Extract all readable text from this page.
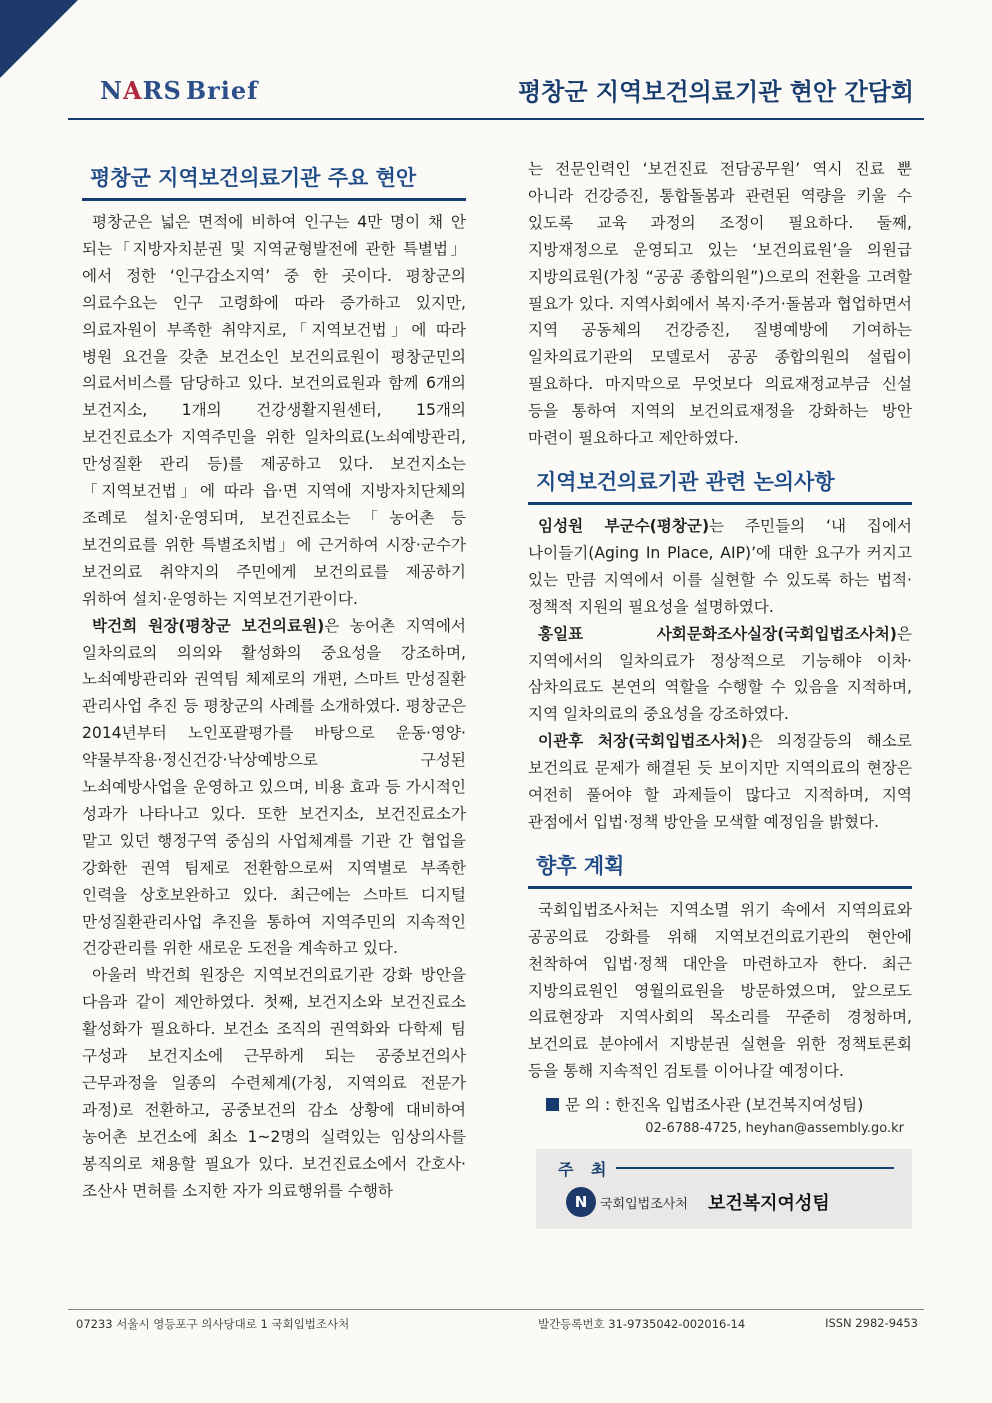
NARS Brief	평창군 지역보건의료기관 현안 간담회
평창군 지역보건의료기관 주요 현안

평창군은 넓은 면적에 비하여 인구는 4만 명이 채 안 되는「지방자치분권 및 지역균형발전에 관한 특별법」에서 정한 ‘인구감소지역’ 중 한 곳이다. 평창군의 의료수요는 인구 고령화에 따라 증가하고 있지만, 의료자원이 부족한 취약지로,「지역보건법」에 따라 병원 요건을 갖춘 보건소인 보건의료원이 평창군민의 의료서비스를 담당하고 있다. 보건의료원과 함께 6개의 보건지소, 1개의 건강생활지원센터, 15개의 보건진료소가 지역주민을 위한 일차의료(노쇠예방관리, 만성질환 관리 등)를 제공하고 있다. 보건지소는「지역보건법」에 따라 읍·면 지역에 지방자치단체의 조례로 설치·운영되며, 보건진료소는「농어촌 등 보건의료를 위한 특별조치법」에 근거하여 시장·군수가 보건의료 취약지의 주민에게 보건의료를 제공하기 위하여 설치·운영하는 지역보건기관이다.

박건희 원장(평창군 보건의료원)은 농어촌 지역에서 일차의료의 의의와 활성화의 중요성을 강조하며, 노쇠예방관리와 권역팀 체제로의 개편, 스마트 만성질환 관리사업 추진 등 평창군의 사례를 소개하였다. 평창군은 2014년부터 노인포괄평가를 바탕으로 운동·영양·약물부작용·정신건강·낙상예방으로 구성된 노쇠예방사업을 운영하고 있으며, 비용 효과 등 가시적인 성과가 나타나고 있다. 또한 보건지소, 보건진료소가 맡고 있던 행정구역 중심의 사업체계를 기관 간 협업을 강화한 권역 팀제로 전환함으로써 지역별로 부족한 인력을 상호보완하고 있다. 최근에는 스마트 디지털 만성질환관리사업 추진을 통하여 지역주민의 지속적인 건강관리를 위한 새로운 도전을 계속하고 있다.

아울러 박건희 원장은 지역보건의료기관 강화 방안을 다음과 같이 제안하였다. 첫째, 보건지소와 보건진료소 활성화가 필요하다. 보건소 조직의 권역화와 다학제 팀 구성과 보건지소에 근무하게 되는 공중보건의사 근무과정을 일종의 수련체계(가칭, 지역의료 전문가 과정)로 전환하고, 공중보건의 감소 상황에 대비하여 농어촌 보건소에 최소 1~2명의 실력있는 임상의사를 봉직의로 채용할 필요가 있다. 보건진료소에서 간호사·조산사 면허를 소지한 자가 의료행위를 수행하

는 전문인력인 ‘보건진료 전담공무원’ 역시 진료 뿐 아니라 건강증진, 통합돌봄과 관련된 역량을 키울 수 있도록 교육 과정의 조정이 필요하다. 둘째, 지방재정으로 운영되고 있는 ‘보건의료원’을 의원급 지방의료원(가칭 “공공 종합의원”)으로의 전환을 고려할 필요가 있다. 지역사회에서 복지·주거·돌봄과 협업하면서 지역 공동체의 건강증진, 질병예방에 기여하는 일차의료기관의 모델로서 공공 종합의원의 설립이 필요하다. 마지막으로 무엇보다 의료재정교부금 신설 등을 통하여 지역의 보건의료재정을 강화하는 방안 마련이 필요하다고 제안하였다.

지역보건의료기관 관련 논의사항

임성원 부군수(평창군)는 주민들의 ‘내 집에서 나이들기(Aging In Place, AIP)’에 대한 요구가 커지고 있는 만큼 지역에서 이를 실현할 수 있도록 하는 법적·정책적 지원의 필요성을 설명하였다.

홍일표 사회문화조사실장(국회입법조사처)은 지역에서의 일차의료가 정상적으로 기능해야 이차·삼차의료도 본연의 역할을 수행할 수 있음을 지적하며, 지역 일차의료의 중요성을 강조하였다.

이관후 처장(국회입법조사처)은 의정갈등의 해소로 보건의료 문제가 해결된 듯 보이지만 지역의료의 현장은 여전히 풀어야 할 과제들이 많다고 지적하며, 지역 관점에서 입법·정책 방안을 모색할 예정임을 밝혔다.

향후 계획

국회입법조사처는 지역소멸 위기 속에서 지역의료와 공공의료 강화를 위해 지역보건의료기관의 현안에 천착하여 입법·정책 대안을 마련하고자 한다. 최근 지방의료원인 영월의료원을 방문하였으며, 앞으로도 의료현장과 지역사회의 목소리를 꾸준히 경청하며, 보건의료 분야에서 지방분권 실현을 위한 정책토론회 등을 통해 지속적인 검토를 이어나갈 예정이다.

문 의 : 한진옥 입법조사관 (보건복지여성팀)
02-6788-4725, heyhan@assembly.go.kr
주 최
N 국회입법조사처 보건복지여성팀
07233 서울시 영등포구 의사당대로 1 국회입법조사처	발간등록번호 31-9735042-002016-14	ISSN 2982-9453
